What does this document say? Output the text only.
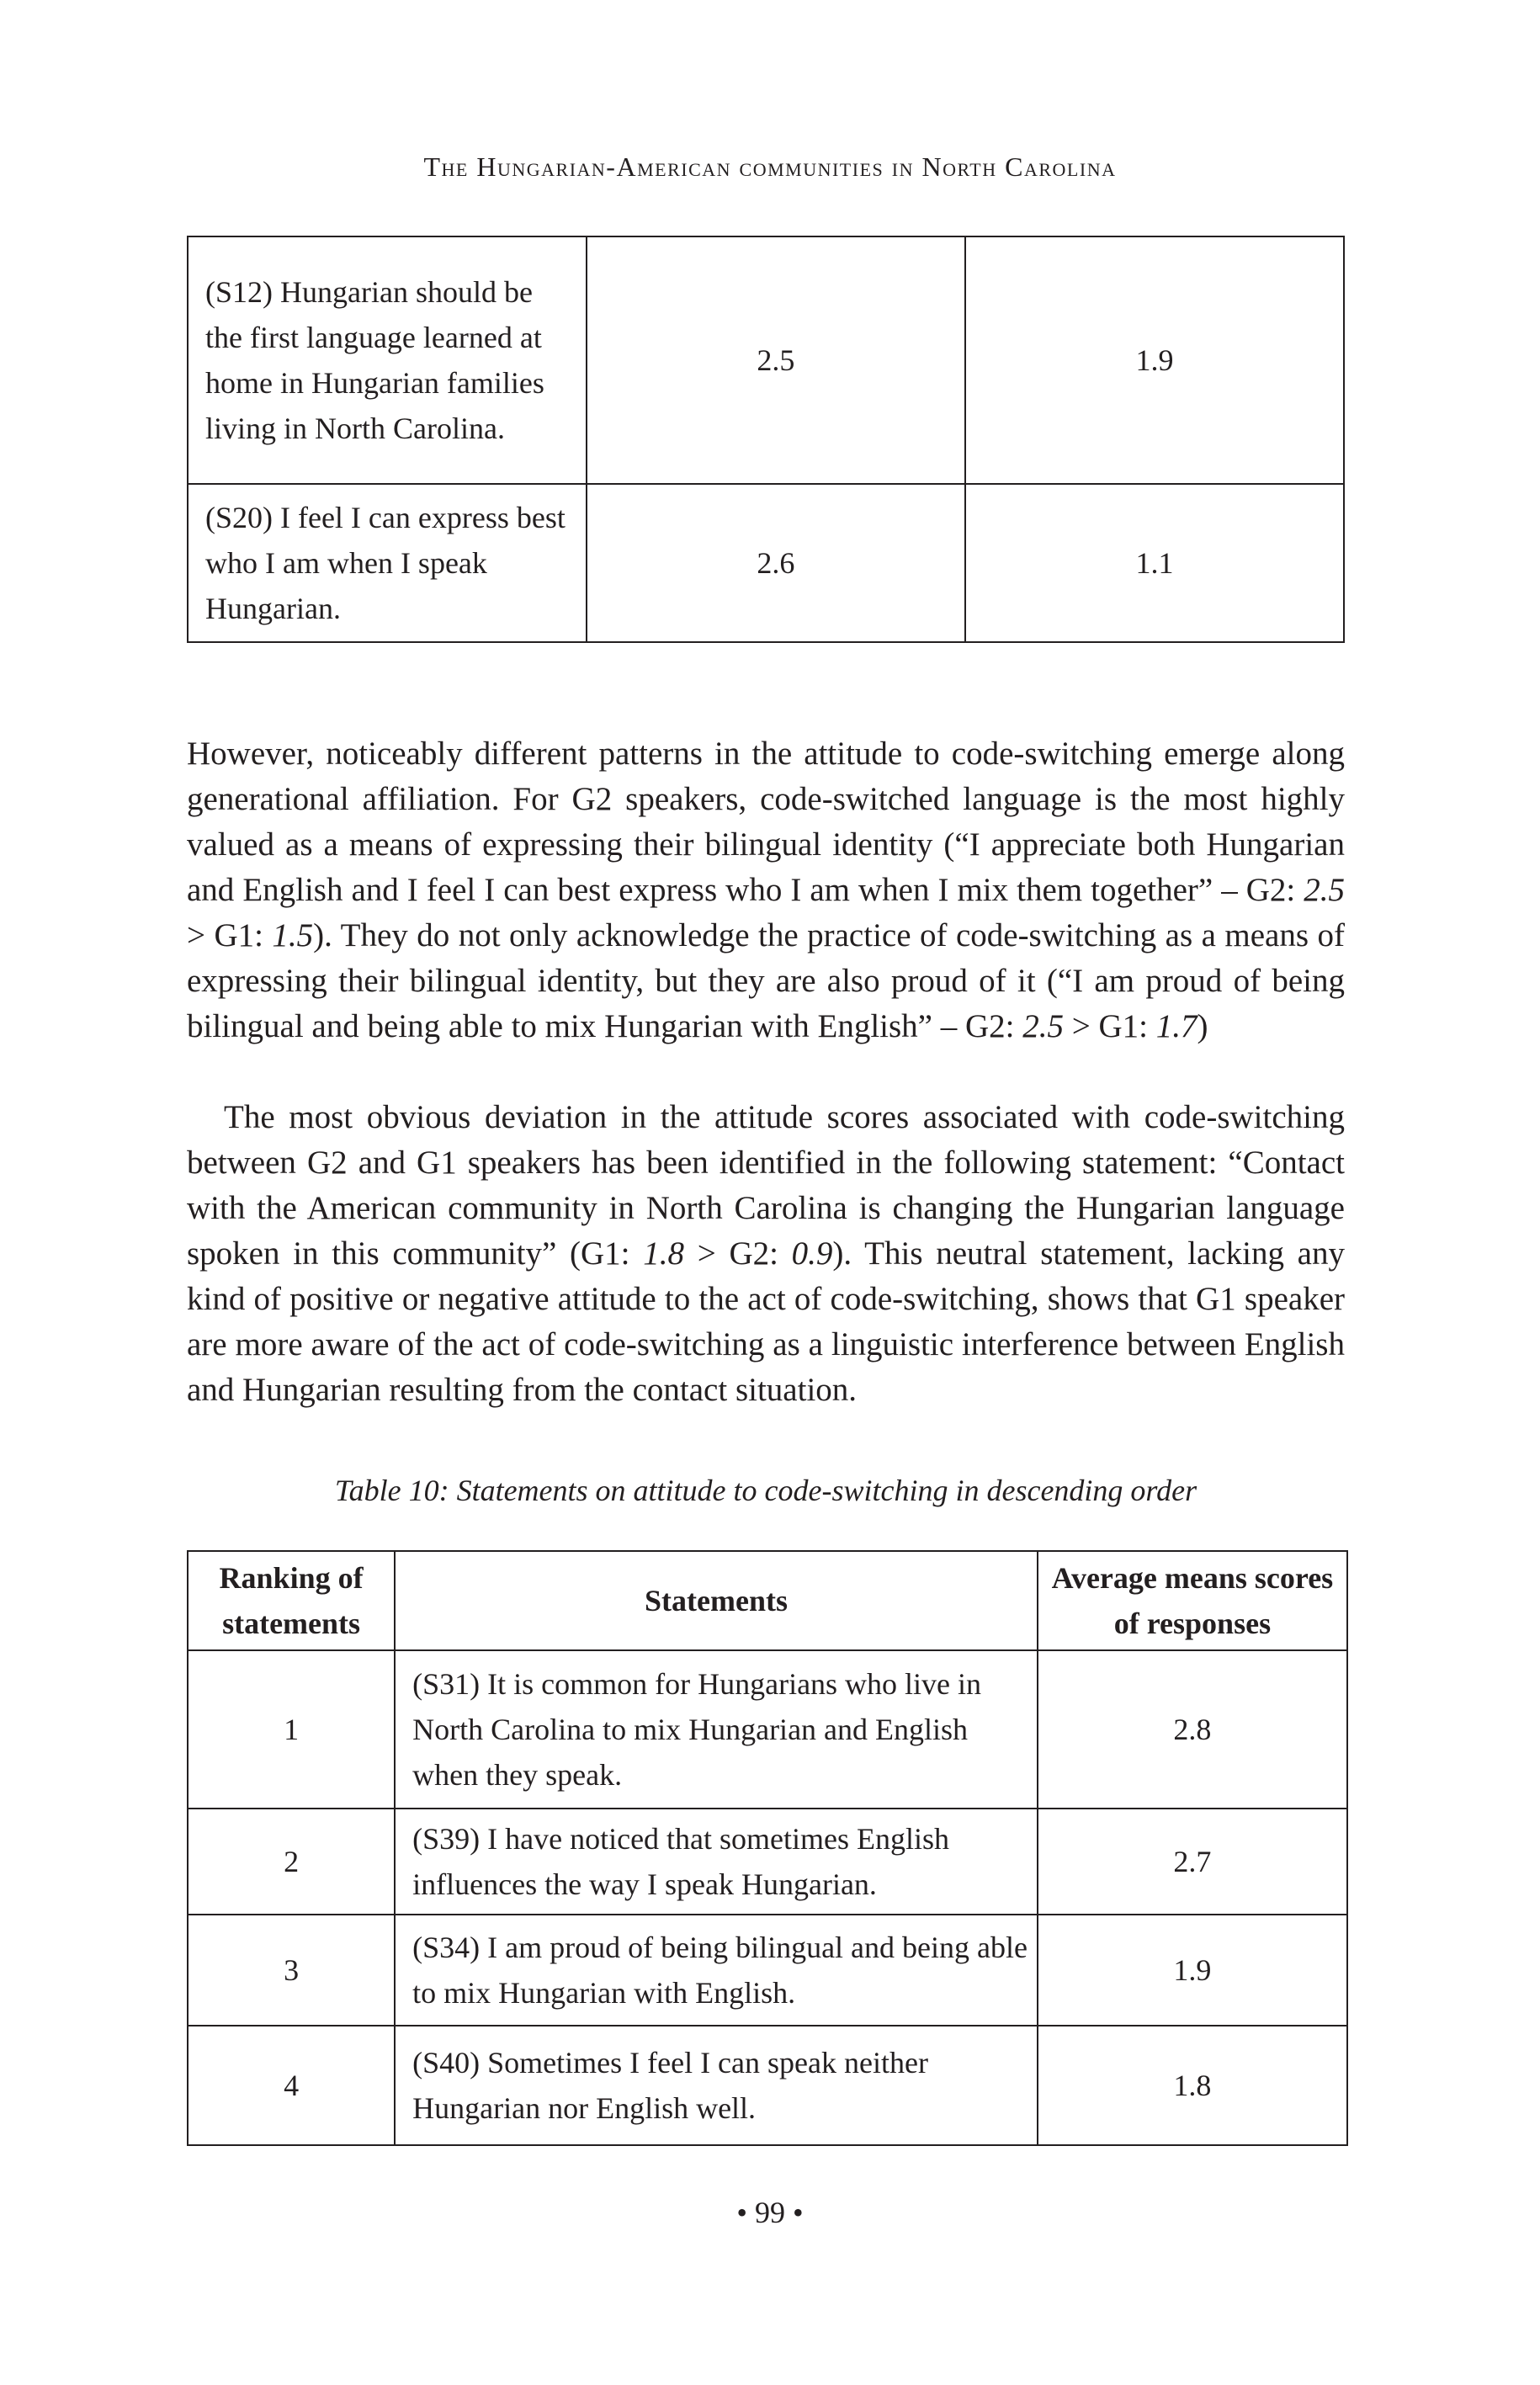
The Hungarian-American communities in North Carolina
(S12) Hungarian should be the first language learned at home in Hungarian families living in North Carolina.	2.5	1.9
(S20) I feel I can express best who I am when I speak Hungarian.	2.6	1.1

However, noticeably different patterns in the attitude to code-switching emerge along generational affiliation. For G2 speakers, code-switched language is the most highly valued as a means of expressing their bilingual identity (“I appreciate both Hungarian and English and I feel I can best express who I am when I mix them together” – G2: 2.5 > G1: 1.5). They do not only acknowledge the practice of code-switching as a means of expressing their bilingual identity, but they are also proud of it (“I am proud of being bilingual and being able to mix Hungarian with English” – G2: 2.5 > G1: 1.7)

The most obvious deviation in the attitude scores associated with code-switching between G2 and G1 speakers has been identified in the following statement: “Contact with the American community in North Carolina is changing the Hungarian language spoken in this community” (G1: 1.8 > G2: 0.9). This neutral statement, lacking any kind of positive or negative attitude to the act of code-switching, shows that G1 speaker are more aware of the act of code-switching as a linguistic interference between English and Hungarian resulting from the contact situation.

Table 10: Statements on attitude to code-switching in descending order
Ranking of statements	Statements	Average means scores of responses
1	(S31) It is common for Hungarians who live in North Carolina to mix Hungarian and English when they speak.	2.8
2	(S39) I have noticed that sometimes English influences the way I speak Hungarian.	2.7
3	(S34) I am proud of being bilingual and being able to mix Hungarian with English.	1.9
4	(S40) Sometimes I feel I can speak neither Hungarian nor English well.	1.8
• 99 •
